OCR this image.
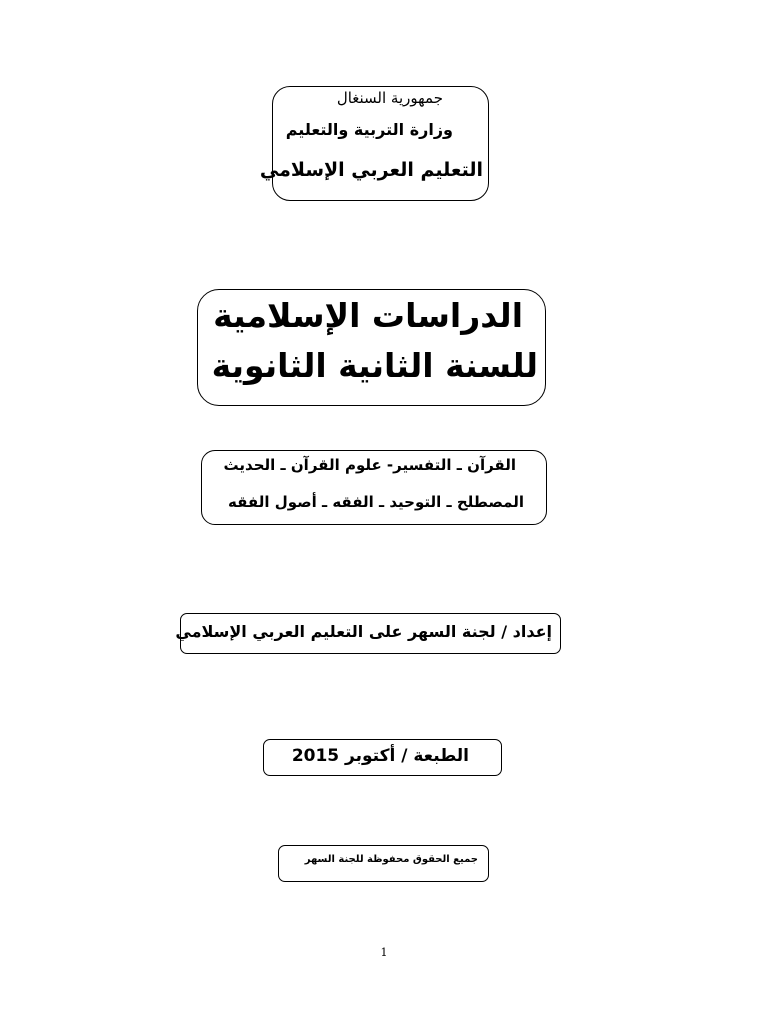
جمهورية السنغال
وزارة التربية والتعليم
التعليم العربي الإسلامي
الدراسات الإسلامية
للسنة الثانية الثانوية
القرآن ـ التفسير- علوم القرآن ـ الحديث
المصطلح ـ التوحيد ـ الفقه ـ أصول الفقه
إعداد / لجنة السهر على التعليم العربي الإسلامي
الطبعة / أكتوبر 2015
جميع الحقوق محفوظة للجنة السهر
1
